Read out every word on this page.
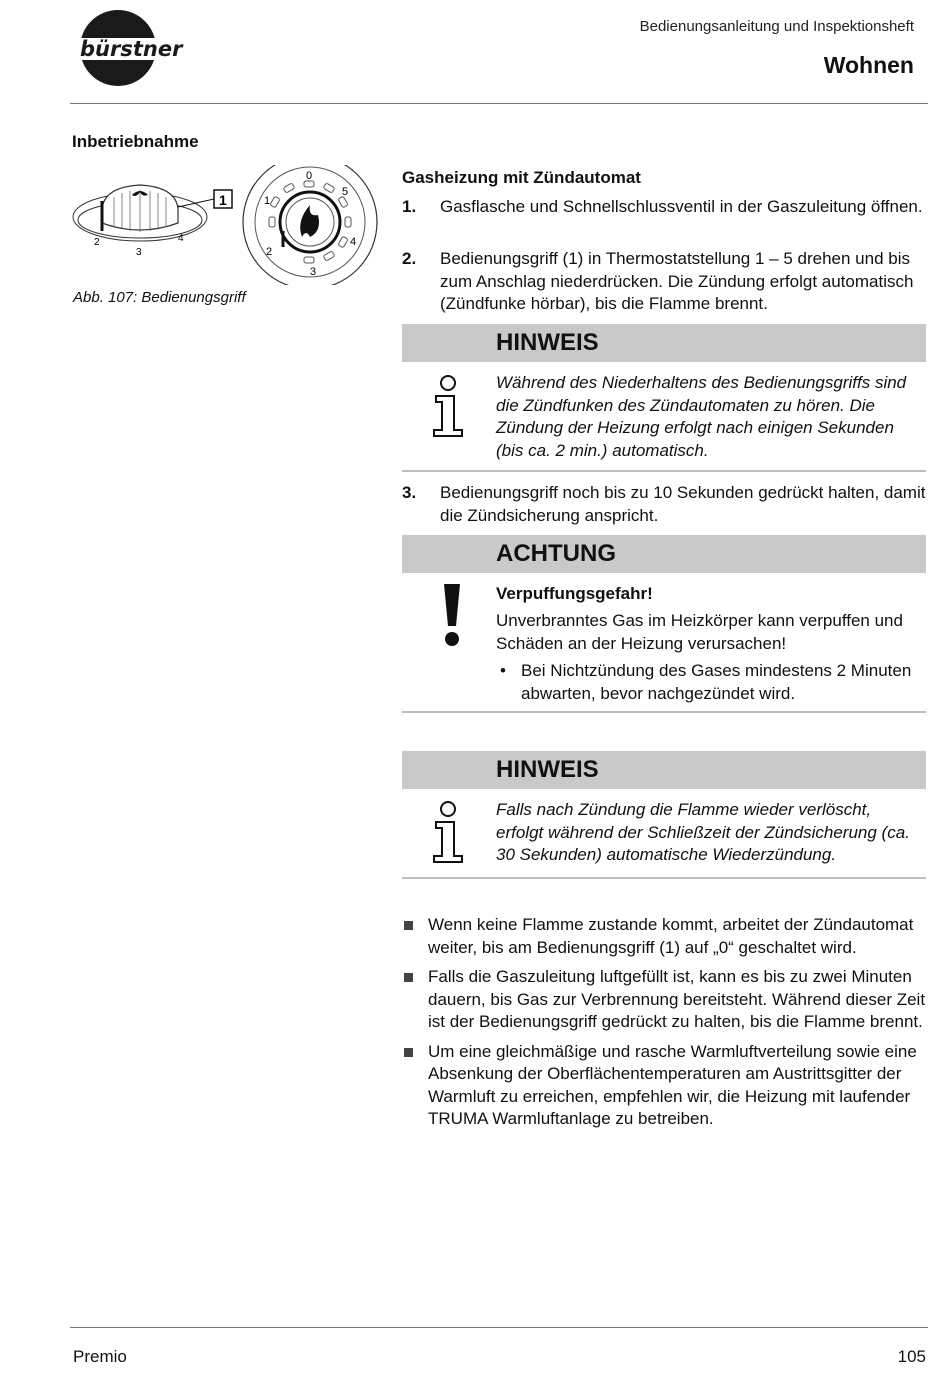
bürstner
Bedienungsanleitung und Inspektionsheft
Wohnen
Inbetriebnahme
2
3
4
1
0
1
2
3
4
5
Abb. 107: Bedienungsgriff
Gasheizung mit Zündautomat
1. Gasflasche und Schnellschlussventil in der Gaszuleitung öffnen.
2. Bedienungsgriff (1) in Thermostatstellung 1 – 5 drehen und bis zum Anschlag niederdrücken. Die Zündung erfolgt automatisch (Zündfunke hörbar), bis die Flamme brennt.
HINWEIS
Während des Niederhaltens des Bedienungsgriffs sind die Zündfunken des Zündautomaten zu hören. Die Zündung der Heizung erfolgt nach einigen Sekunden (bis ca. 2 min.) automatisch.
3. Bedienungsgriff noch bis zu 10 Sekunden gedrückt halten, damit die Zündsicherung anspricht.
ACHTUNG
Verpuffungsgefahr!
Unverbranntes Gas im Heizkörper kann verpuffen und Schäden an der Heizung verursachen!
• Bei Nichtzündung des Gases mindestens 2 Minuten abwarten, bevor nachgezündet wird.
HINWEIS
Falls nach Zündung die Flamme wieder verlöscht, erfolgt während der Schließzeit der Zündsicherung (ca. 30 Sekunden) automatische Wiederzündung.
Wenn keine Flamme zustande kommt, arbeitet der Zündautomat weiter, bis am Bedienungsgriff (1) auf „0“ geschaltet wird.
Falls die Gaszuleitung luftgefüllt ist, kann es bis zu zwei Minuten dauern, bis Gas zur Verbrennung bereitsteht. Während dieser Zeit ist der Bedienungsgriff gedrückt zu halten, bis die Flamme brennt.
Um eine gleichmäßige und rasche Warmluftverteilung sowie eine Absenkung der Oberflächentemperaturen am Austrittsgitter der Warmluft zu erreichen, empfehlen wir, die Heizung mit laufender TRUMA Warmluftanlage zu betreiben.
Premio	105
